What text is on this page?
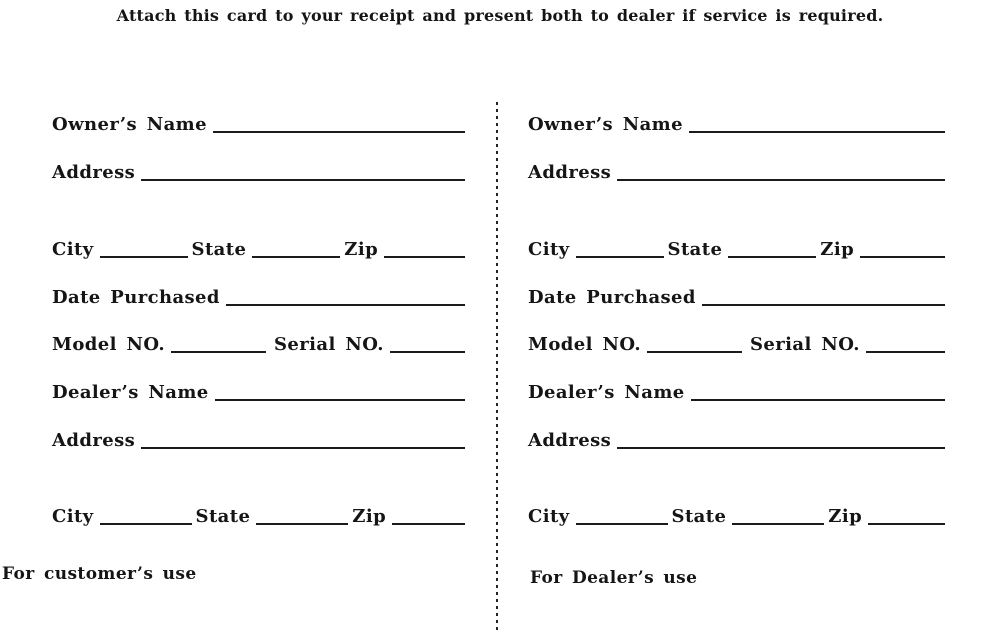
Attach this card to your receipt and present both to dealer if service is required.
Owner’s Name
Address
City	State	Zip
Date Purchased
Model NO.	Serial NO.
Dealer’s Name
Address
City	State	Zip
Owner’s Name
Address
City	State	Zip
Date Purchased
Model NO.	Serial NO.
Dealer’s Name
Address
City	State	Zip
For customer’s use	For Dealer’s use
